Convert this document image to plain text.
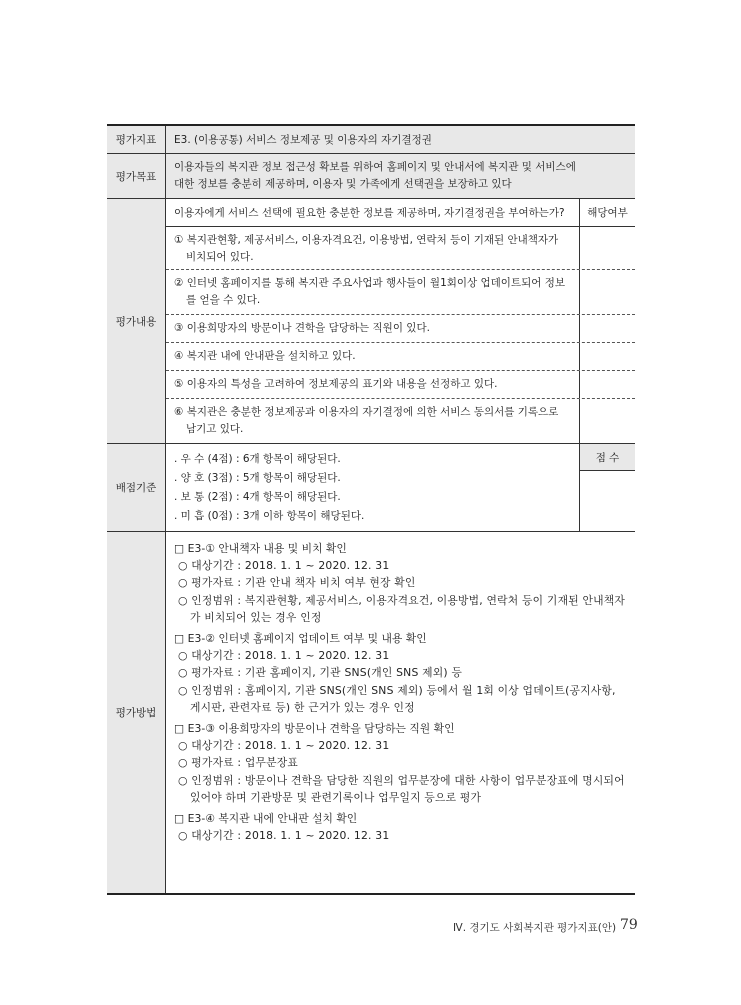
평가지표	E3. (이용공통) 서비스 정보제공 및 이용자의 자기결정권
평가목표
이용자들의 복지관 정보 접근성 확보를 위하여 홈페이지 및 안내서에 복지관 및 서비스에
대한 정보를 충분히 제공하며, 이용자 및 가족에게 선택권을 보장하고 있다
평가내용
이용자에게 서비스 선택에 필요한 충분한 정보를 제공하며, 자기결정권을 부여하는가?	해당여부
① 복지관현황, 제공서비스, 이용자격요건, 이용방법, 연락처 등이 기재된 안내책자가 비치되어 있다.
② 인터넷 홈페이지를 통해 복지관 주요사업과 행사들이 월1회이상 업데이트되어 정보를 얻을 수 있다.
③ 이용희망자의 방문이나 견학을 담당하는 직원이 있다.
④ 복지관 내에 안내판을 설치하고 있다.
⑤ 이용자의 특성을 고려하여 정보제공의 표기와 내용을 선정하고 있다.
⑥ 복지관은 충분한 정보제공과 이용자의 자기결정에 의한 서비스 동의서를 기록으로 남기고 있다.
배점기준
. 우 수 (4점) : 6개 항목이 해당된다.
. 양 호 (3점) : 5개 항목이 해당된다.
. 보 통 (2점) : 4개 항목이 해당된다.
. 미 흡 (0점) : 3개 이하 항목이 해당된다.
점 수
평가방법
□ E3-① 안내책자 내용 및 비치 확인
○ 대상기간 : 2018. 1. 1 ~ 2020. 12. 31
○ 평가자료 : 기관 안내 책자 비치 여부 현장 확인
○ 인정범위 : 복지관현황, 제공서비스, 이용자격요건, 이용방법, 연락처 등이 기재된 안내책자가 비치되어 있는 경우 인정
□ E3-② 인터넷 홈페이지 업데이트 여부 및 내용 확인
○ 대상기간 : 2018. 1. 1 ~ 2020. 12. 31
○ 평가자료 : 기관 홈페이지, 기관 SNS(개인 SNS 제외) 등
○ 인정범위 : 홈페이지, 기관 SNS(개인 SNS 제외) 등에서 월 1회 이상 업데이트(공지사항, 게시판, 관련자료 등) 한 근거가 있는 경우 인정
□ E3-③ 이용희망자의 방문이나 견학을 담당하는 직원 확인
○ 대상기간 : 2018. 1. 1 ~ 2020. 12. 31
○ 평가자료 : 업무분장표
○ 인정범위 : 방문이나 견학을 담당한 직원의 업무분장에 대한 사항이 업무분장표에 명시되어 있어야 하며 기관방문 및 관련기록이나 업무일지 등으로 평가
□ E3-④ 복지관 내에 안내판 설치 확인
○ 대상기간 : 2018. 1. 1 ~ 2020. 12. 31
Ⅳ. 경기도 사회복지관 평가지표(안) 79
